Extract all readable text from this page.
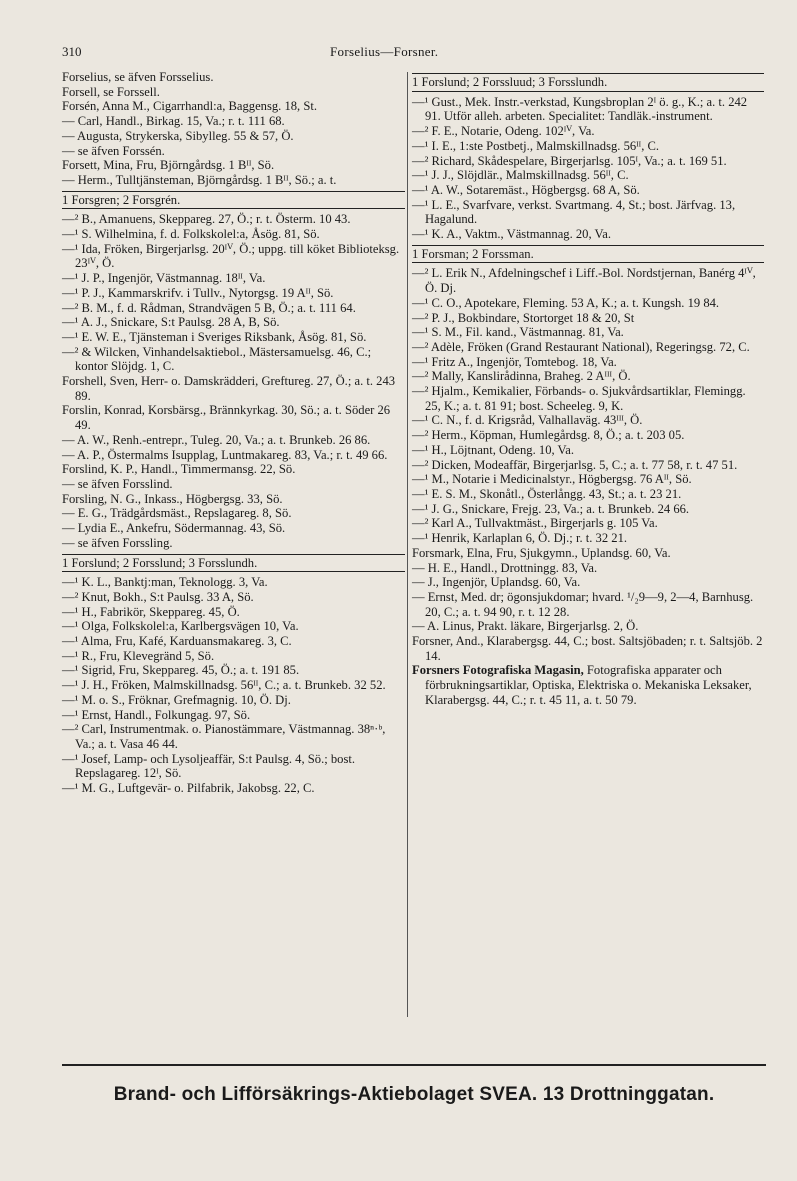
310	Forselius—Forsner.

Forselius, se äfven Forsselius.

Forsell, se Forssell.

Forsén, Anna M., Cigarrhandl:a, Baggensg. 18, St.

— Carl, Handl., Birkag. 15, Va.; r. t. 111 68.

— Augusta, Strykerska, Sibylleg. 55 & 57, Ö.

— se äfven Forssén.

Forsett, Mina, Fru, Björngårdsg. 1 Bᴵᴵ, Sö.

— Herm., Tulltjänsteman, Björngårdsg. 1 Bᴵᴵ, Sö.; a. t.

1 Forsgren; 2 Forsgrén.

—² B., Amanuens, Skeppareg. 27, Ö.; r. t. Österm. 10 43.

—¹ S. Wilhelmina, f. d. Folkskolel:a, Åsög. 81, Sö.

—¹ Ida, Fröken, Birgerjarlsg. 20ᴵⱽ, Ö.; uppg. till köket Biblioteksg. 23ᴵⱽ, Ö.

—¹ J. P., Ingenjör, Västmannag. 18ᴵᴵ, Va.

—¹ P. J., Kammarskrifv. i Tullv., Nytorgsg. 19 Aᴵᴵ, Sö.

—² B. M., f. d. Rådman, Strandvägen 5 B, Ö.; a. t. 111 64.

—¹ A. J., Snickare, S:t Paulsg. 28 A, B, Sö.

—¹ E. W. E., Tjänsteman i Sveriges Riksbank, Åsög. 81, Sö.

—² & Wilcken, Vinhandelsaktiebol., Mästersamuelsg. 46, C.; kontor Slöjdg. 1, C.

Forshell, Sven, Herr- o. Damskrädderi, Greftureg. 27, Ö.; a. t. 243 89.

Forslin, Konrad, Korsbärsg., Brännkyrkag. 30, Sö.; a. t. Söder 26 49.

— A. W., Renh.-entrepr., Tuleg. 20, Va.; a. t. Brunkeb. 26 86.

— A. P., Östermalms Isupplag, Luntmakareg. 83, Va.; r. t. 49 66.

Forslind, K. P., Handl., Timmermansg. 22, Sö.

— se äfven Forsslind.

Forsling, N. G., Inkass., Högbergsg. 33, Sö.

— E. G., Trädgårdsmäst., Repslagareg. 8, Sö.

— Lydia E., Ankefru, Södermannag. 43, Sö.

— se äfven Forssling.

1 Forslund; 2 Forsslund; 3 Forsslundh.

—¹ K. L., Banktj:man, Teknologg. 3, Va.

—² Knut, Bokh., S:t Paulsg. 33 A, Sö.

—¹ H., Fabrikör, Skeppareg. 45, Ö.

—¹ Olga, Folkskolel:a, Karlbergsvägen 10, Va.

—¹ Alma, Fru, Kafé, Karduansmakareg. 3, C.

—¹ R., Fru, Klevegränd 5, Sö.

—¹ Sigrid, Fru, Skeppareg. 45, Ö.; a. t. 191 85.

—¹ J. H., Fröken, Malmskillnadsg. 56ᴵᴵ, C.; a. t. Brunkeb. 32 52.

—¹ M. o. S., Fröknar, Grefmagnig. 10, Ö. Dj.

—¹ Ernst, Handl., Folkungag. 97, Sö.

—² Carl, Instrumentmak. o. Pianostämmare, Västmannag. 38ⁿ·ᵇ, Va.; a. t. Vasa 46 44.

—¹ Josef, Lamp- och Lysoljeaffär, S:t Paulsg. 4, Sö.; bost. Repslagareg. 12ᴵ, Sö.

—¹ M. G., Luftgevär- o. Pilfabrik, Jakobsg. 22, C.

1 Forslund; 2 Forssluud; 3 Forsslundh.

—¹ Gust., Mek. Instr.-verkstad, Kungsbroplan 2ᴵ ö. g., K.; a. t. 242 91. Utför alleh. arbeten. Specialitet: Tandläk.-instrument.

—² F. E., Notarie, Odeng. 102ᴵⱽ, Va.

—¹ I. E., 1:ste Postbetj., Malmskillnadsg. 56ᴵᴵ, C.

—² Richard, Skådespelare, Birgerjarlsg. 105ᴵ, Va.; a. t. 169 51.

—¹ J. J., Slöjdlär., Malmskillnadsg. 56ᴵᴵ, C.

—¹ A. W., Sotaremäst., Högbergsg. 68 A, Sö.

—¹ L. E., Svarfvare, verkst. Svartmang. 4, St.; bost. Järfvag. 13, Hagalund.

—¹ K. A., Vaktm., Västmannag. 20, Va.

1 Forsman; 2 Forssman.

—² L. Erik N., Afdelningschef i Liff.-Bol. Nordstjernan, Banérg 4ᴵⱽ, Ö. Dj.

—¹ C. O., Apotekare, Fleming. 53 A, K.; a. t. Kungsh. 19 84.

—² P. J., Bokbindare, Stortorget 18 & 20, St

—¹ S. M., Fil. kand., Västmannag. 81, Va.

—² Adèle, Fröken (Grand Restaurant National), Regeringsg. 72, C.

—¹ Fritz A., Ingenjör, Tomtebog. 18, Va.

—² Mally, Kanslirådinna, Braheg. 2 Aᴵᴵᴵ, Ö.

—² Hjalm., Kemikalier, Förbands- o. Sjukvårdsartiklar, Flemingg. 25, K.; a. t. 81 91; bost. Scheeleg. 9, K.

—¹ C. N., f. d. Krigsråd, Valhallaväg. 43ᴵᴵᴵ, Ö.

—² Herm., Köpman, Humlegårdsg. 8, Ö.; a. t. 203 05.

—¹ H., Löjtnant, Odeng. 10, Va.

—² Dicken, Modeaffär, Birgerjarlsg. 5, C.; a. t. 77 58, r. t. 47 51.

—¹ M., Notarie i Medicinalstyr., Högbergsg. 76 Aᴵᴵ, Sö.

—¹ E. S. M., Skonåtl., Österlångg. 43, St.; a. t. 23 21.

—¹ J. G., Snickare, Frejg. 23, Va.; a. t. Brunkeb. 24 66.

—² Karl A., Tullvaktmäst., Birgerjarls g. 105 Va.

—¹ Henrik, Karlaplan 6, Ö. Dj.; r. t. 32 21.

Forsmark, Elna, Fru, Sjukgymn., Uplandsg. 60, Va.

— H. E., Handl., Drottningg. 83, Va.

— J., Ingenjör, Uplandsg. 60, Va.

— Ernst, Med. dr; ögonsjukdomar; hvard. ¹/₂9—9, 2—4, Barnhusg. 20, C.; a. t. 94 90, r. t. 12 28.

— A. Linus, Prakt. läkare, Birgerjarlsg. 2, Ö.

Forsner, And., Klarabergsg. 44, C.; bost. Saltsjöbaden; r. t. Saltsjöb. 2 14.

Forsners Fotografiska Magasin, Fotografiska apparater och förbrukningsartiklar, Optiska, Elektriska o. Mekaniska Leksaker, Klarabergsg. 44, C.; r. t. 45 11, a. t. 50 79.

Brand- och Lifförsäkrings-Aktiebolaget SVEA. 13 Drottninggatan.
